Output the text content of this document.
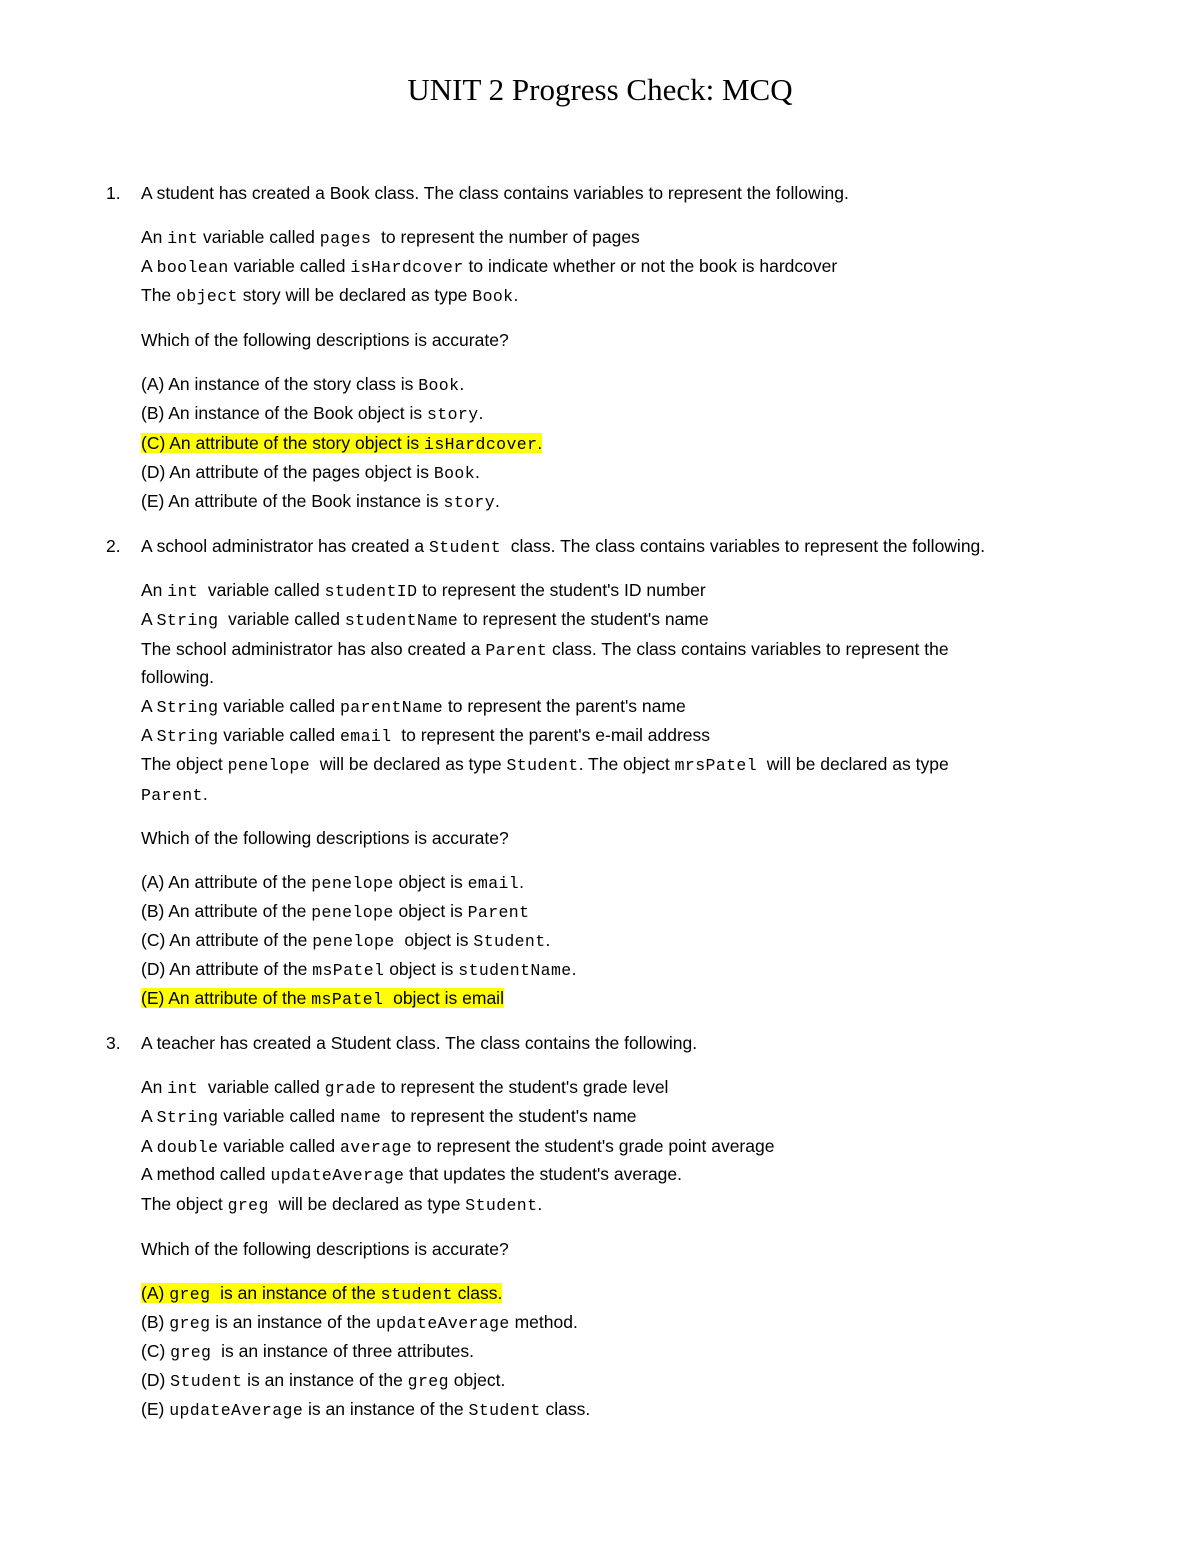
UNIT 2 Progress Check: MCQ
1. A student has created a Book class. The class contains variables to represent the following.
An int variable called pages  to represent the number of pages
A boolean variable called isHardcover to indicate whether or not the book is hardcover
The object story will be declared as type Book.
Which of the following descriptions is accurate?
(A) An instance of the story class is Book.
(B) An instance of the Book object is story.
(C) An attribute of the story object is isHardcover.
(D) An attribute of the pages object is Book.
(E) An attribute of the Book instance is story.
2. A school administrator has created a Student  class. The class contains variables to represent the following.
An int  variable called studentID to represent the student's ID number
A String  variable called studentName to represent the student's name
The school administrator has also created a Parent class. The class contains variables to represent the
following.
A String variable called parentName to represent the parent's name
A String variable called email  to represent the parent's e-mail address
The object penelope  will be declared as type Student. The object mrsPatel  will be declared as type
Parent.
Which of the following descriptions is accurate?
(A) An attribute of the penelope object is email.
(B) An attribute of the penelope object is Parent
(C) An attribute of the penelope  object is Student.
(D) An attribute of the msPatel object is studentName.
(E) An attribute of the msPatel  object is email
3. A teacher has created a Student class. The class contains the following.
An int  variable called grade to represent the student's grade level
A String variable called name  to represent the student's name
A double variable called average to represent the student's grade point average
A method called updateAverage that updates the student's average.
The object greg  will be declared as type Student.
Which of the following descriptions is accurate?
(A) greg  is an instance of the student class.
(B) greg is an instance of the updateAverage method.
(C) greg  is an instance of three attributes.
(D) Student is an instance of the greg object.
(E) updateAverage is an instance of the Student class.
